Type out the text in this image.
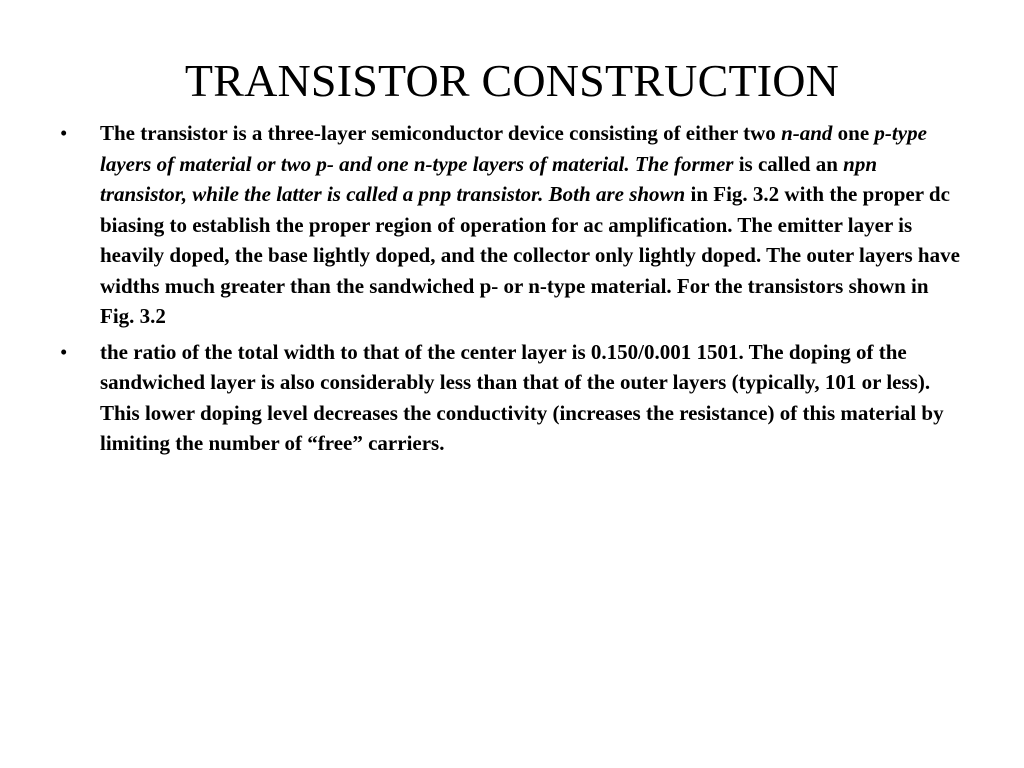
TRANSISTOR CONSTRUCTION
• The transistor is a three-layer semiconductor device consisting of either two n-and one p-type layers of material or two p- and one n-type layers of material. The former is called an npn transistor, while the latter is called a pnp transistor. Both are shown in Fig. 3.2 with the proper dc biasing to establish the proper region of operation for ac amplification. The emitter layer is heavily doped, the base lightly doped, and the collector only lightly doped. The outer layers have widths much greater than the sandwiched p- or n-type material. For the transistors shown in Fig. 3.2
• the ratio of the total width to that of the center layer is 0.150/0.001 1501. The doping of the sandwiched layer is also considerably less than that of the outer layers (typically, 101 or less). This lower doping level decreases the conductivity (increases the resistance) of this material by limiting the number of “free” carriers.
